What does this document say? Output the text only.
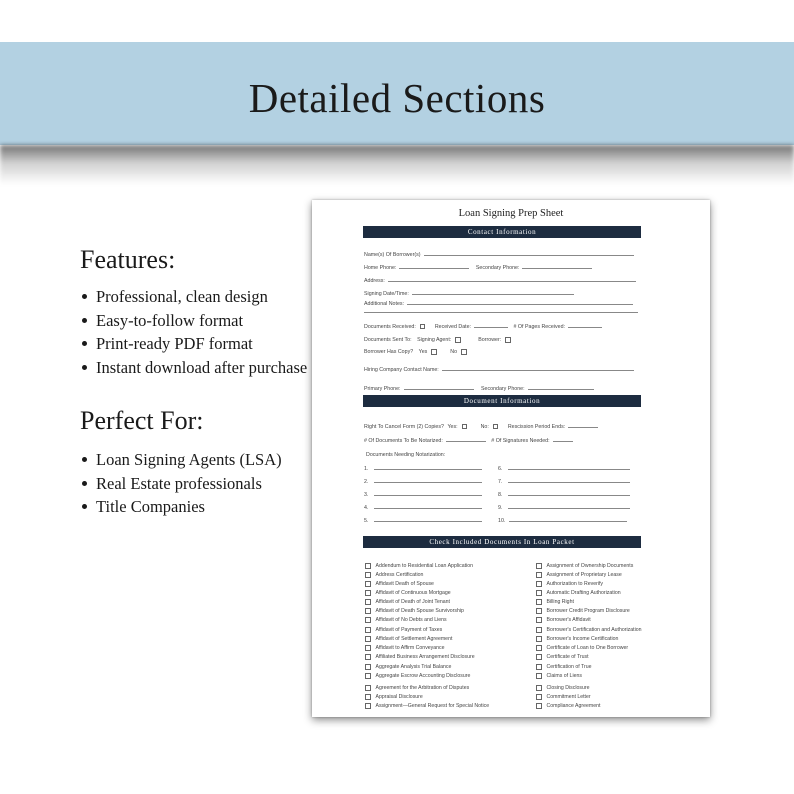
Detailed Sections
Features:
Professional, clean design
Easy-to-follow format
Print-ready PDF format
Instant download after purchase
Perfect For:
Loan Signing Agents (LSA)
Real Estate professionals
Title Companies
Loan Signing Prep Sheet
Contact Information
Name(s) Of Borrower(s)
Home Phone:	Secondary Phone:
Address:
Signing Date/Time:
Additional Notes:
Documents Received:	Received Date:	# Of Pages Received:
Documents Sent To: Signing Agent:	Borrower:
Borrower Has Copy? Yes	No
Hiring Company Contact Name:
Primary Phone:	Secondary Phone:
Document Information
Right To Cancel Form (2) Copies? Yes:	No:	Rescission Period Ends:
# Of Documents To Be Notarized:	# Of Signatures Needed:
Documents Needing Notarization:
1.
2.
3.
4.
5.
6.
7.
8.
9.
10.
Check Included Documents In Loan Packet
Addendum to Residential Loan Application
Address Certification
Affidavit Death of Spouse
Affidavit of Continuous Mortgage
Affidavit of Death of Joint Tenant
Affidavit of Death Spouse Survivorship
Affidavit of No Debts and Liens
Affidavit of Payment of Taxes
Affidavit of Settlement Agreement
Affidavit to Affirm Conveyance
Affiliated Business Arrangement Disclosure
Aggregate Analysis Trial Balance
Aggregate Escrow Accounting Disclosure
Agreement for the Arbitration of Disputes
Appraisal Disclosure
Assignment—General Request for Special Notice
Assignment of Ownership Documents
Assignment of Proprietary Lease
Authorization to Reverify
Automatic Drafting Authorization
Billing Right
Borrower Credit Program Disclosure
Borrower's Affidavit
Borrower's Certification and Authorization
Borrower's Income Certification
Certificate of Loan to One Borrower
Certificate of Trust
Certification of True
Claims of Liens
Closing Disclosure
Commitment Letter
Compliance Agreement
